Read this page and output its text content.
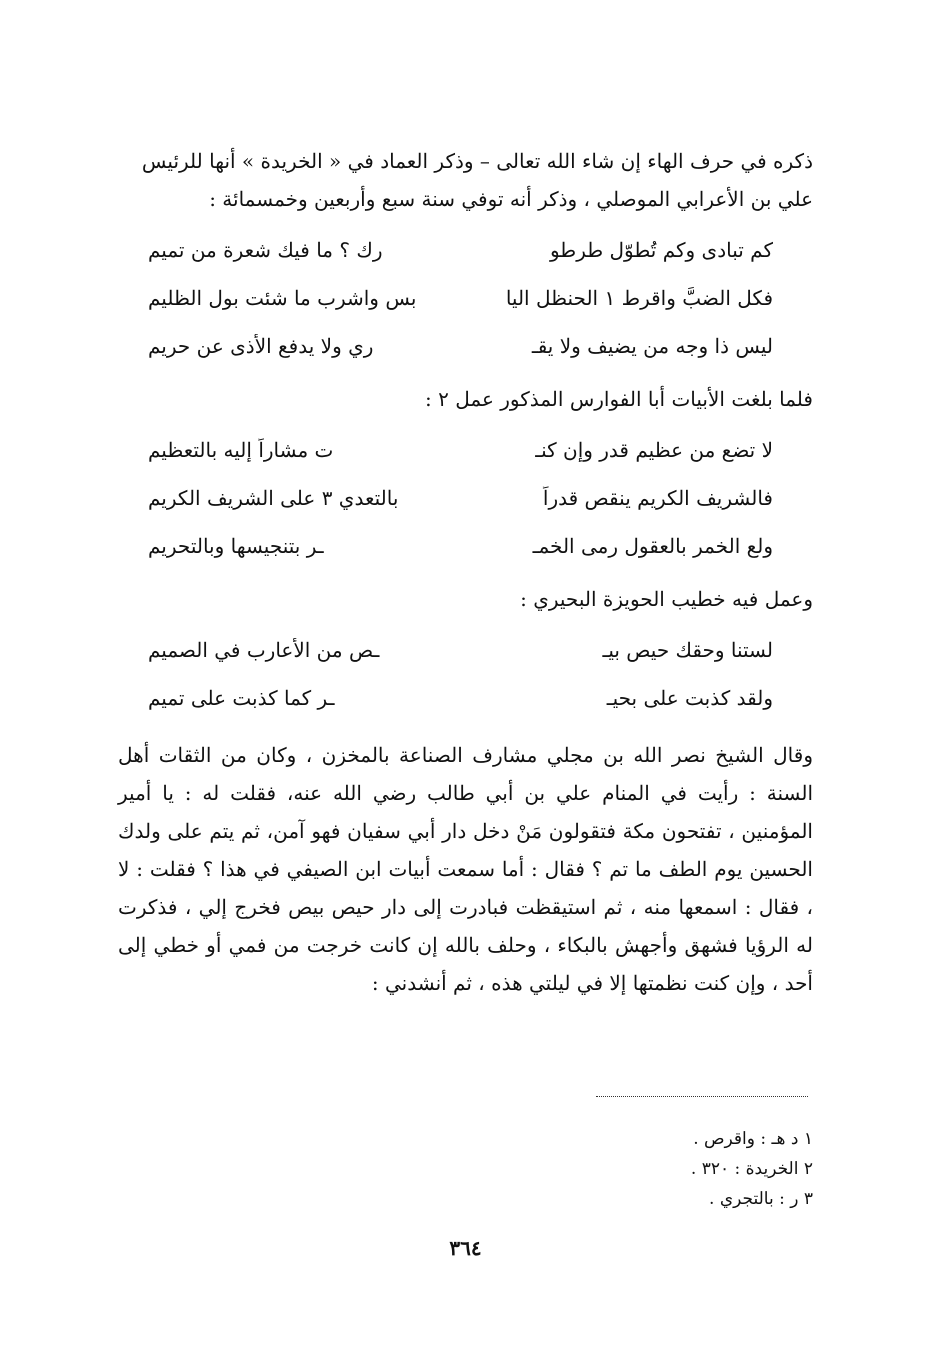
ذكره في حرف الهاء إن شاء الله تعالى – وذكر العماد في « الخريدة » أنها للرئيس

علي بن الأعرابي الموصلي ، وذكر أنه توفي سنة سبع وأربعين وخمسمائة :

كم تبادى وكم تُطوّل طرطو
رك ؟ ما فيك شعرة من تميم
فكل الضبَّ واقرط ١ الحنظل اليا
بس واشرب ما شئت بول الظليم
ليس ذا وجه من يضيف ولا يقـ
ري ولا يدفع الأذى عن حريم
فلما بلغت الأبيات أبا الفوارس المذكور عمل ٢ :
لا تضع من عظيم قدر وإن كنـ
ت مشاراً إليه بالتعظيم
فالشريف الكريم ينقص قدراً
بالتعدي ٣ على الشريف الكريم
ولع الخمر بالعقول رمى الخمـ
ـر بتنجيسها وبالتحريم
وعمل فيه خطيب الحويزة البحيري :
لستنا وحقك حيص بيـ
ـص من الأعارب في الصميم
ولقد كذبت على بحيـ
ـر كما كذبت على تميم

وقال الشيخ نصر الله بن مجلي مشارف الصناعة بالمخزن ، وكان من الثقات أهل السنة : رأيت في المنام علي بن أبي طالب رضي الله عنه، فقلت له : يا أمير المؤمنين ، تفتحون مكة فتقولون مَنْ دخل دار أبي سفيان فهو آمن، ثم يتم على ولدك الحسين يوم الطف ما تم ؟ فقال : أما سمعت أبيات ابن الصيفي في هذا ؟ فقلت : لا ، فقال : اسمعها منه ، ثم استيقظت فبادرت إلى دار حيص بيص فخرج إلي ، فذكرت له الرؤيا فشهق وأجهش بالبكاء ، وحلف بالله إن كانت خرجت من فمي أو خطي إلى أحد ، وإن كنت نظمتها إلا في ليلتي هذه ، ثم أنشدني :

١ د هـ : واقرص .
٢ الخريدة : ٣٢٠ .
٣ ر : بالتجري .
٣٦٤
